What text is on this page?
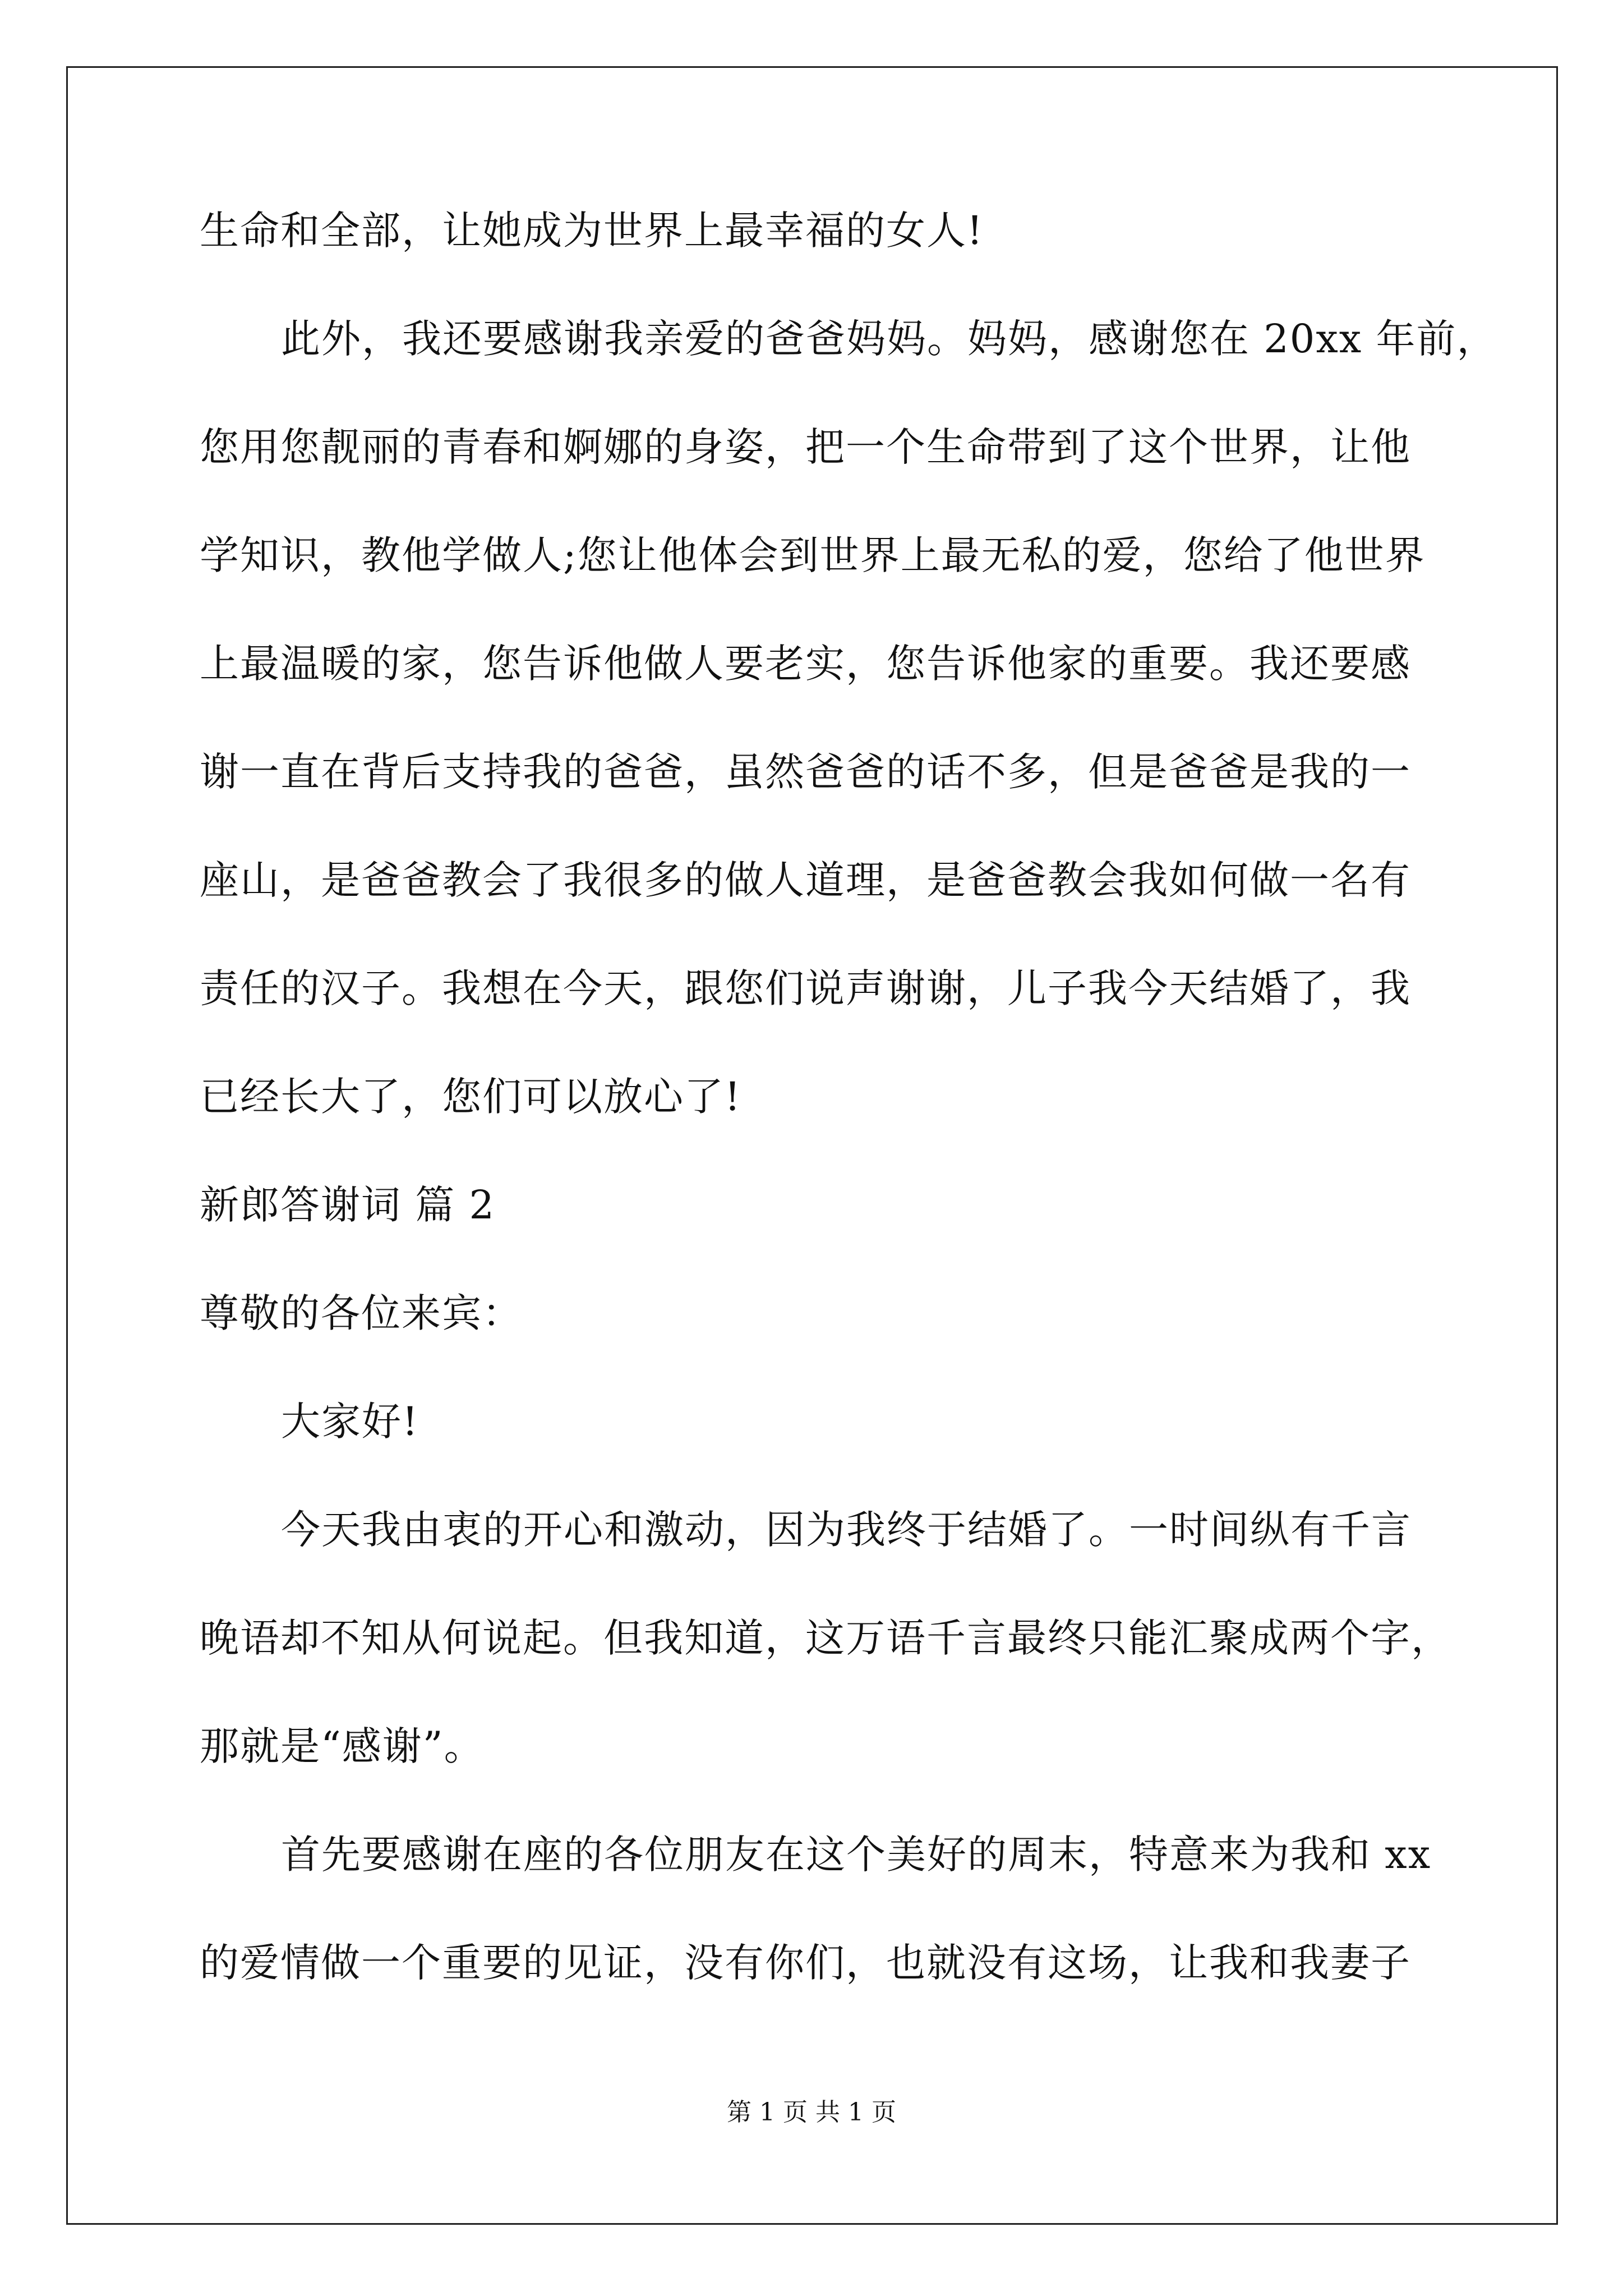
生命和全部，让她成为世界上最幸福的女人!
此外，我还要感谢我亲爱的爸爸妈妈。妈妈，感谢您在 20xx 年前，
您用您靓丽的青春和婀娜的身姿，把一个生命带到了这个世界，让他
学知识，教他学做人;您让他体会到世界上最无私的爱，您给了他世界
上最温暖的家，您告诉他做人要老实，您告诉他家的重要。我还要感
谢一直在背后支持我的爸爸，虽然爸爸的话不多，但是爸爸是我的一
座山，是爸爸教会了我很多的做人道理，是爸爸教会我如何做一名有
责任的汉子。我想在今天，跟您们说声谢谢，儿子我今天结婚了，我
已经长大了，您们可以放心了!
新郎答谢词 篇 2
尊敬的各位来宾：
大家好!
今天我由衷的开心和激动，因为我终于结婚了。一时间纵有千言
晚语却不知从何说起。但我知道，这万语千言最终只能汇聚成两个字，
那就是“感谢”。
首先要感谢在座的各位朋友在这个美好的周末，特意来为我和 xx
的爱情做一个重要的见证，没有你们，也就没有这场，让我和我妻子
第 1 页 共 1 页
